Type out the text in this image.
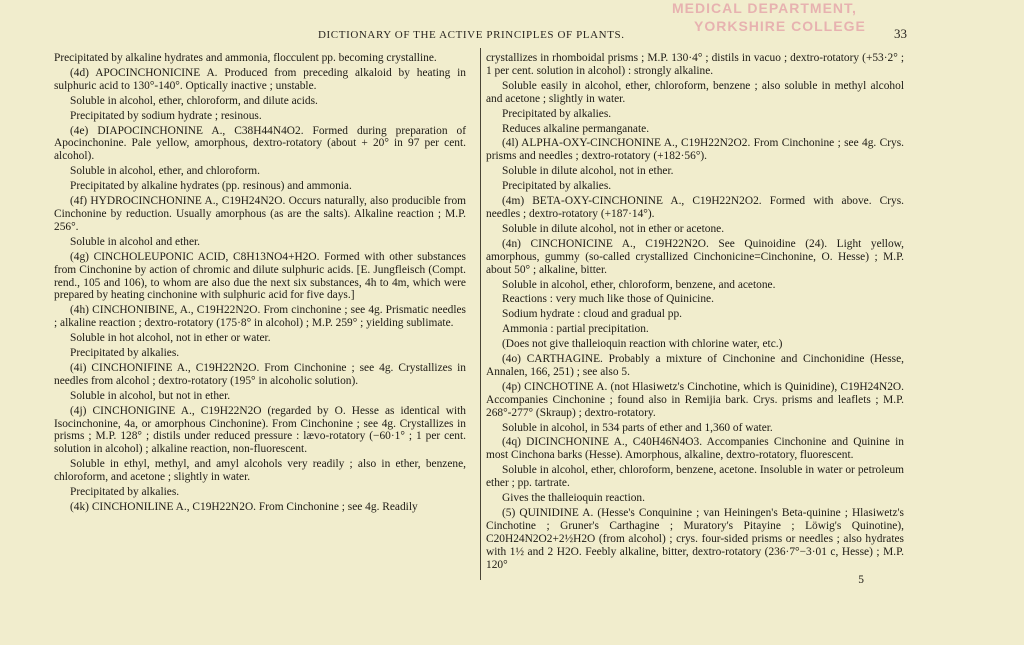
DICTIONARY OF THE ACTIVE PRINCIPLES OF PLANTS.	33
MEDICAL DEPARTMENT,
YORKSHIRE COLLEGE

Precipitated by alkaline hydrates and ammonia, flocculent pp. becoming crystalline.

(4d) APOCINCHONICINE A. Produced from preceding alkaloid by heating in sulphuric acid to 130°-140°. Optically inactive ; unstable.

Soluble in alcohol, ether, chloroform, and dilute acids.

Precipitated by sodium hydrate ; resinous.

(4e) DIAPOCINCHONINE A., C38H44N4O2. Formed during preparation of Apocinchonine. Pale yellow, amorphous, dextro-rotatory (about + 20° in 97 per cent. alcohol).

Soluble in alcohol, ether, and chloroform.

Precipitated by alkaline hydrates (pp. resinous) and ammonia.

(4f) HYDROCINCHONINE A., C19H24N2O. Occurs naturally, also producible from Cinchonine by reduction. Usually amorphous (as are the salts). Alkaline reaction ; M.P. 256°.

Soluble in alcohol and ether.

(4g) CINCHOLEUPONIC ACID, C8H13NO4+H2O. Formed with other substances from Cinchonine by action of chromic and dilute sulphuric acids. [E. Jungfleisch (Compt. rend., 105 and 106), to whom are also due the next six substances, 4h to 4m, which were prepared by heating cinchonine with sulphuric acid for five days.]

(4h) CINCHONIBINE, A., C19H22N2O. From cinchonine ; see 4g. Prismatic needles ; alkaline reaction ; dextro-rotatory (175·8° in alcohol) ; M.P. 259° ; yielding sublimate.

Soluble in hot alcohol, not in ether or water.

Precipitated by alkalies.

(4i) CINCHONIFINE A., C19H22N2O. From Cinchonine ; see 4g. Crystallizes in needles from alcohol ; dextro-rotatory (195° in alcoholic solution).

Soluble in alcohol, but not in ether.

(4j) CINCHONIGINE A., C19H22N2O (regarded by O. Hesse as identical with Isocinchonine, 4a, or amorphous Cinchonine). From Cinchonine ; see 4g. Crystallizes in prisms ; M.P. 128° ; distils under reduced pressure : lævo-rotatory (−60·1° ; 1 per cent. solution in alcohol) ; alkaline reaction, non-fluorescent.

Soluble in ethyl, methyl, and amyl alcohols very readily ; also in ether, benzene, chloroform, and acetone ; slightly in water.

Precipitated by alkalies.

(4k) CINCHONILINE A., C19H22N2O. From Cinchonine ; see 4g. Readily

crystallizes in rhomboidal prisms ; M.P. 130·4° ; distils in vacuo ; dextro-rotatory (+53·2° ; 1 per cent. solution in alcohol) : strongly alkaline.

Soluble easily in alcohol, ether, chloroform, benzene ; also soluble in methyl alcohol and acetone ; slightly in water.

Precipitated by alkalies.

Reduces alkaline permanganate.

(4l) ALPHA-OXY-CINCHONINE A., C19H22N2O2. From Cinchonine ; see 4g. Crys. prisms and needles ; dextro-rotatory (+182·56°).

Soluble in dilute alcohol, not in ether.

Precipitated by alkalies.

(4m) BETA-OXY-CINCHONINE A., C19H22N2O2. Formed with above. Crys. needles ; dextro-rotatory (+187·14°).

Soluble in dilute alcohol, not in ether or acetone.

(4n) CINCHONICINE A., C19H22N2O. See Quinoidine (24). Light yellow, amorphous, gummy (so-called crystallized Cinchonicine=Cinchonine, O. Hesse) ; M.P. about 50° ; alkaline, bitter.

Soluble in alcohol, ether, chloroform, benzene, and acetone.

Reactions : very much like those of Quinicine.

Sodium hydrate : cloud and gradual pp.

Ammonia : partial precipitation.

(Does not give thalleioquin reaction with chlorine water, etc.)

(4o) CARTHAGINE. Probably a mixture of Cinchonine and Cinchonidine (Hesse, Annalen, 166, 251) ; see also 5.

(4p) CINCHOTINE A. (not Hlasiwetz's Cinchotine, which is Quinidine), C19H24N2O. Accompanies Cinchonine ; found also in Remijia bark. Crys. prisms and leaflets ; M.P. 268°-277° (Skraup) ; dextro-rotatory.

Soluble in alcohol, in 534 parts of ether and 1,360 of water.

(4q) DICINCHONINE A., C40H46N4O3. Accompanies Cinchonine and Quinine in most Cinchona barks (Hesse). Amorphous, alkaline, dextro-rotatory, fluorescent.

Soluble in alcohol, ether, chloroform, benzene, acetone. Insoluble in water or petroleum ether ; pp. tartrate.

Gives the thalleioquin reaction.

(5) QUINIDINE A. (Hesse's Conquinine ; van Heiningen's Beta-quinine ; Hlasiwetz's Cinchotine ; Gruner's Carthagine ; Muratory's Pitayine ; Löwig's Quinotine), C20H24N2O2+2½H2O (from alcohol) ; crys. four-sided prisms or needles ; also hydrates with 1½ and 2 H2O. Feebly alkaline, bitter, dextro-rotatory (236·7°−3·01 c, Hesse) ; M.P. 120°

5
